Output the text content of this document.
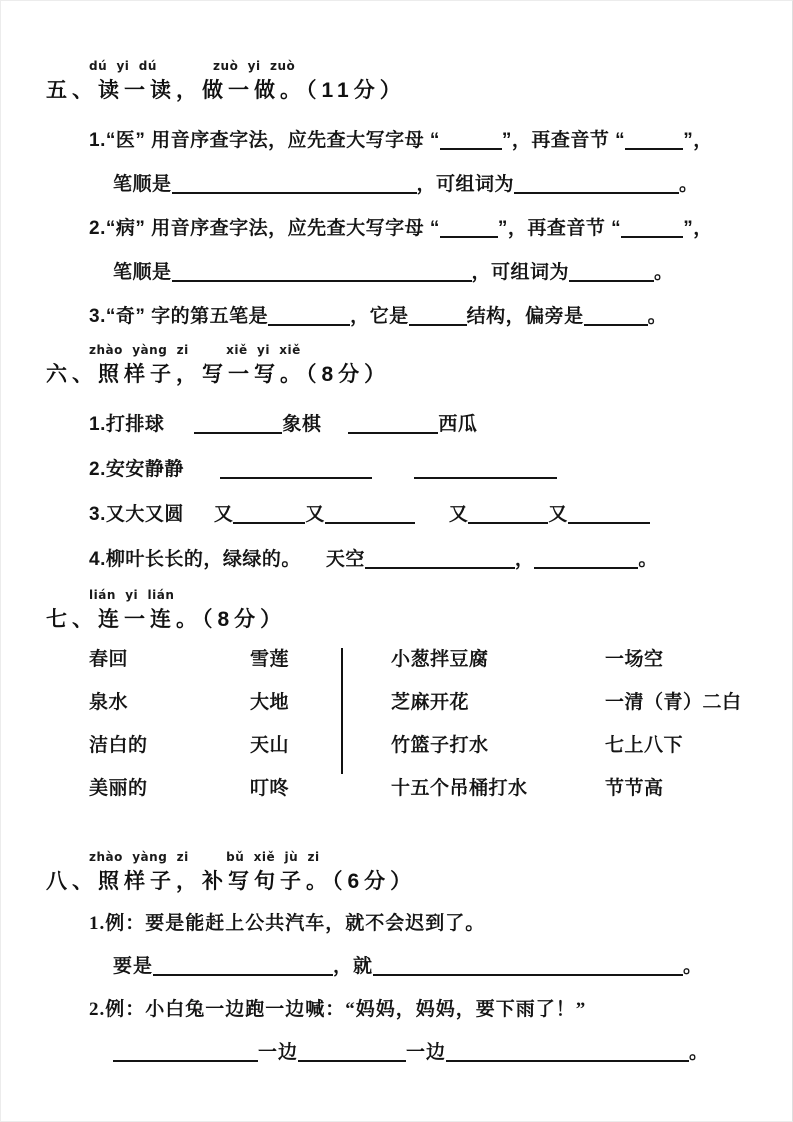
dú  yi  dú            zuò  yi  zuò
五、读一读，做一做。（11分）
1.“医” 用音序查字法，应先查大写字母 “	”，再查音节 “	”，
笔顺是	，可组词为	。
2.“病” 用音序查字法，应先查大写字母 “	”，再查音节 “	”，
笔顺是	，可组词为	。
3.“奇” 字的第五笔是	，它是	结构，偏旁是	。
zhào  yàng  zi        xiě  yi  xiě
六、照样子，写一写。（8分）
1.打排球	象棋	西瓜
2.安安静静
3.又大又圆 又	又	又	又
4.柳叶长长的，绿绿的。 天空	，	。
lián  yi  lián
七、连一连。（8分）
春回	雪莲	小葱拌豆腐	一场空
泉水	大地	芝麻开花	一清（青）二白
洁白的	天山	竹篮子打水	七上八下
美丽的	叮咚	十五个吊桶打水	节节高
zhào  yàng  zi        bǔ  xiě  jù  zi
八、照样子，补写句子。（6分）
1.例：要是能赶上公共汽车，就不会迟到了。
要是	，就	。
2.例：小白兔一边跑一边喊：“妈妈，妈妈，要下雨了！”
一边	一边	。
